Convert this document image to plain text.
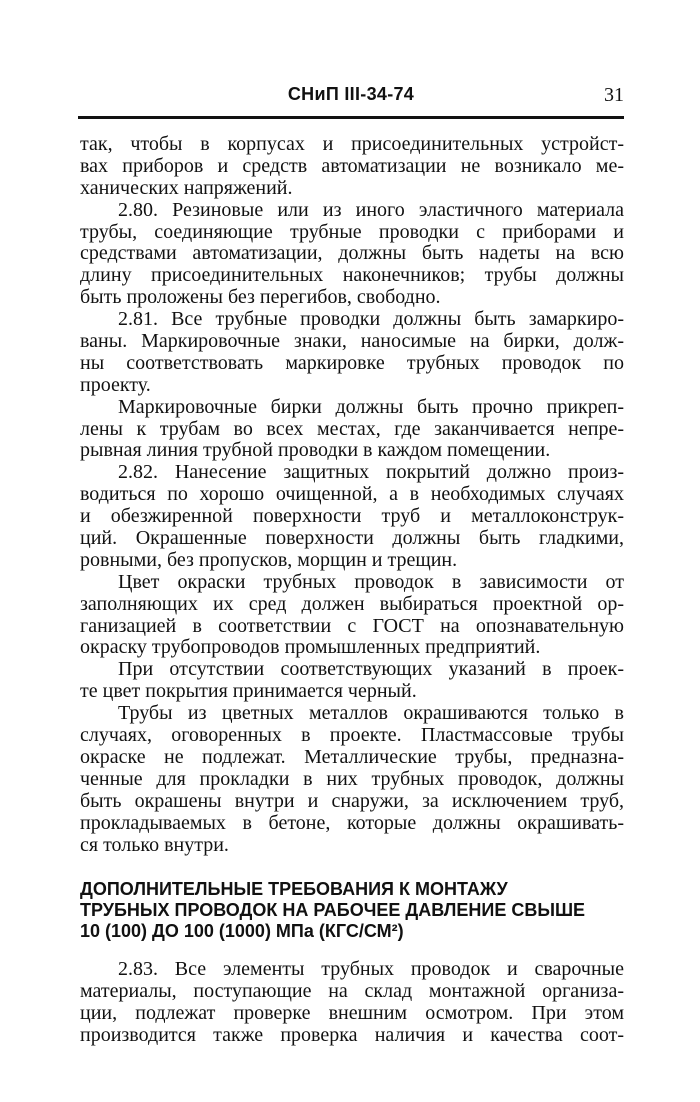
СНиП III-34-74	31
так, чтобы в корпусах и присоединительных устройст-
вах приборов и средств автоматизации не возникало ме-
ханических напряжений.
2.80. Резиновые или из иного эластичного материала
трубы, соединяющие трубные проводки с приборами и
средствами автоматизации, должны быть надеты на всю
длину присоединительных наконечников; трубы должны
быть проложены без перегибов, свободно.
2.81. Все трубные проводки должны быть замаркиро-
ваны. Маркировочные знаки, наносимые на бирки, долж-
ны соответствовать маркировке трубных проводок по
проекту.
Маркировочные бирки должны быть прочно прикреп-
лены к трубам во всех местах, где заканчивается непре-
рывная линия трубной проводки в каждом помещении.
2.82. Нанесение защитных покрытий должно произ-
водиться по хорошо очищенной, а в необходимых случаях
и обезжиренной поверхности труб и металлоконструк-
ций. Окрашенные поверхности должны быть гладкими,
ровными, без пропусков, морщин и трещин.
Цвет окраски трубных проводок в зависимости от
заполняющих их сред должен выбираться проектной ор-
ганизацией в соответствии с ГОСТ на опознавательную
окраску трубопроводов промышленных предприятий.
При отсутствии соответствующих указаний в проек-
те цвет покрытия принимается черный.
Трубы из цветных металлов окрашиваются только в
случаях, оговоренных в проекте. Пластмассовые трубы
окраске не подлежат. Металлические трубы, предназна-
ченные для прокладки в них трубных проводок, должны
быть окрашены внутри и снаружи, за исключением труб,
прокладываемых в бетоне, которые должны окрашивать-
ся только внутри.
ДОПОЛНИТЕЛЬНЫЕ ТРЕБОВАНИЯ К МОНТАЖУ
ТРУБНЫХ ПРОВОДОК НА РАБОЧЕЕ ДАВЛЕНИЕ СВЫШЕ
10 (100) ДО 100 (1000) МПа (КГС/СМ²)
2.83. Все элементы трубных проводок и сварочные
материалы, поступающие на склад монтажной организа-
ции, подлежат проверке внешним осмотром. При этом
производится также проверка наличия и качества соот-
